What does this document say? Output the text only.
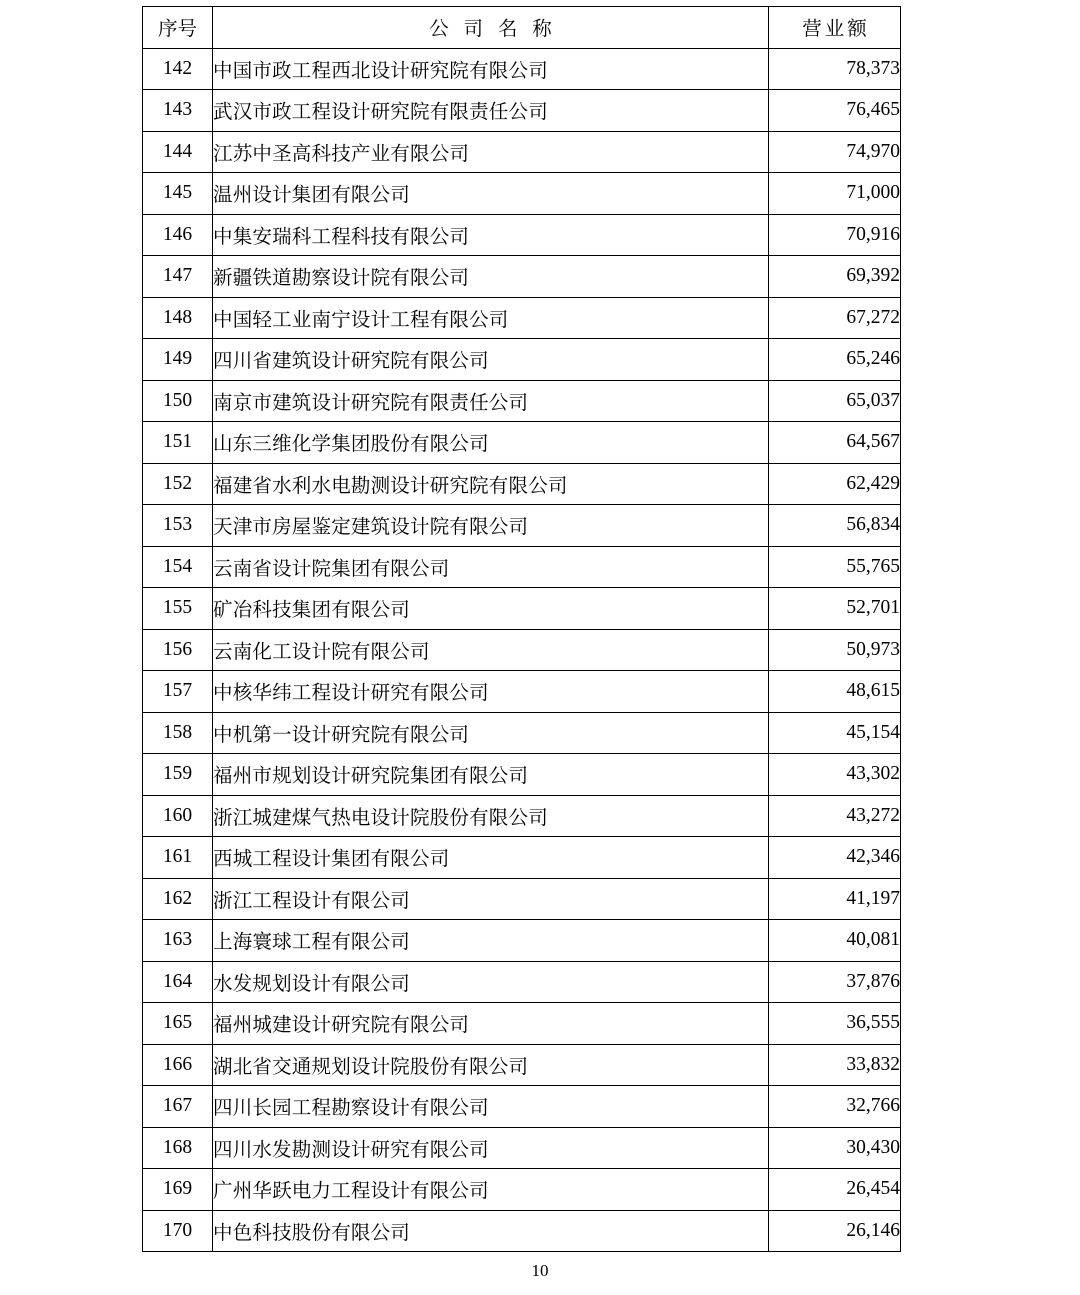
序号	公 司 名 称	营业额
142	中国市政工程西北设计研究院有限公司	78,373
143	武汉市政工程设计研究院有限责任公司	76,465
144	江苏中圣高科技产业有限公司	74,970
145	温州设计集团有限公司	71,000
146	中集安瑞科工程科技有限公司	70,916
147	新疆铁道勘察设计院有限公司	69,392
148	中国轻工业南宁设计工程有限公司	67,272
149	四川省建筑设计研究院有限公司	65,246
150	南京市建筑设计研究院有限责任公司	65,037
151	山东三维化学集团股份有限公司	64,567
152	福建省水利水电勘测设计研究院有限公司	62,429
153	天津市房屋鉴定建筑设计院有限公司	56,834
154	云南省设计院集团有限公司	55,765
155	矿冶科技集团有限公司	52,701
156	云南化工设计院有限公司	50,973
157	中核华纬工程设计研究有限公司	48,615
158	中机第一设计研究院有限公司	45,154
159	福州市规划设计研究院集团有限公司	43,302
160	浙江城建煤气热电设计院股份有限公司	43,272
161	西城工程设计集团有限公司	42,346
162	浙江工程设计有限公司	41,197
163	上海寰球工程有限公司	40,081
164	水发规划设计有限公司	37,876
165	福州城建设计研究院有限公司	36,555
166	湖北省交通规划设计院股份有限公司	33,832
167	四川长园工程勘察设计有限公司	32,766
168	四川水发勘测设计研究有限公司	30,430
169	广州华跃电力工程设计有限公司	26,454
170	中色科技股份有限公司	26,146
10
